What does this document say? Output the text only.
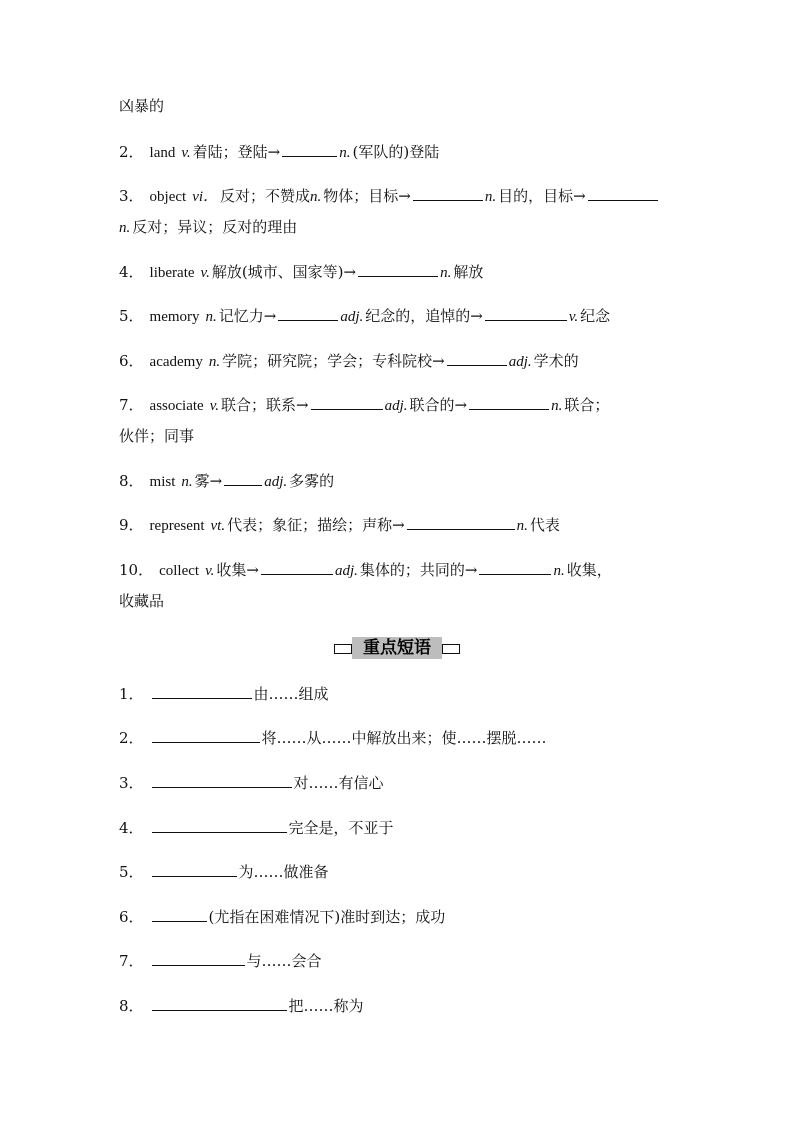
凶暴的
2． land v. 着陆；登陆→	n. (军队的)登陆
3． object vi． 反对；不赞成n. 物体；目标→	n. 目的，目标→
n. 反对；异议；反对的理由
4． liberate v. 解放(城市、国家等)→	n. 解放
5． memory n. 记忆力→	adj. 纪念的，追悼的→	v. 纪念
6． academy n. 学院；研究院；学会；专科院校→	adj. 学术的
7． associate v. 联合；联系→	adj. 联合的→	n. 联合；
伙伴；同事
8． mist n. 雾→	adj. 多雾的
9． represent vt. 代表；象征；描绘；声称→	n. 代表
10． collect v. 收集→	adj. 集体的；共同的→	n. 收集，
收藏品
重点短语
1．	由……组成
2．	将……从……中解放出来；使……摆脱……
3．	对……有信心
4．	完全是，不亚于
5．	为……做准备
6．	(尤指在困难情况下)准时到达；成功
7．	与……会合
8．	把……称为
